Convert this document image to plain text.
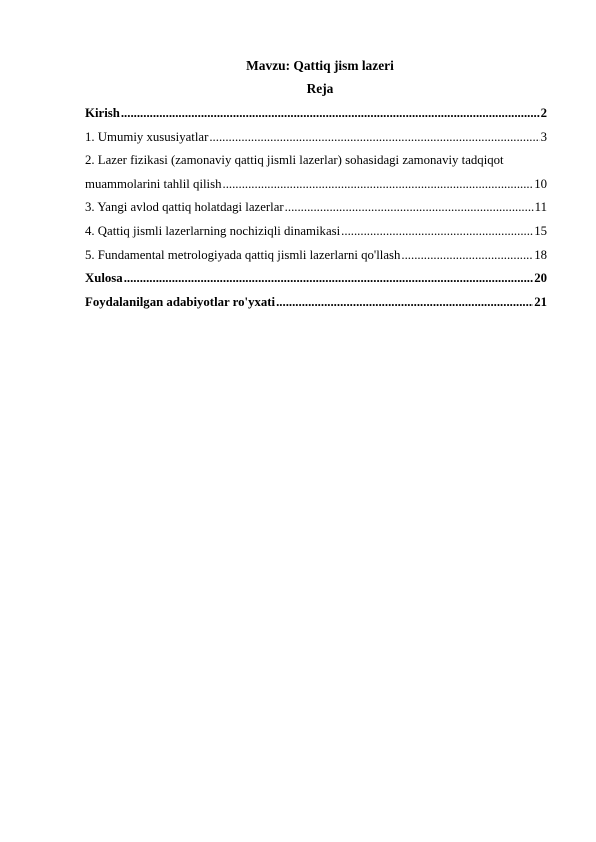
Mavzu: Qattiq jism lazeri
Reja
Kirish .....	2
1. Umumiy xususiyatlar .....	3
2. Lazer fizikasi (zamonaviy qattiq jismli lazerlar) sohasidagi zamonaviy tadqiqot
muammolarini tahlil qilish .....	10
3. Yangi avlod qattiq holatdagi lazerlar .....	11
4. Qattiq jismli lazerlarning nochiziqli dinamikasi .....	15
5. Fundamental metrologiyada qattiq jismli lazerlarni qo'llash .....	18
Xulosa .....	20
Foydalanilgan adabiyotlar ro'yxati .....	21
